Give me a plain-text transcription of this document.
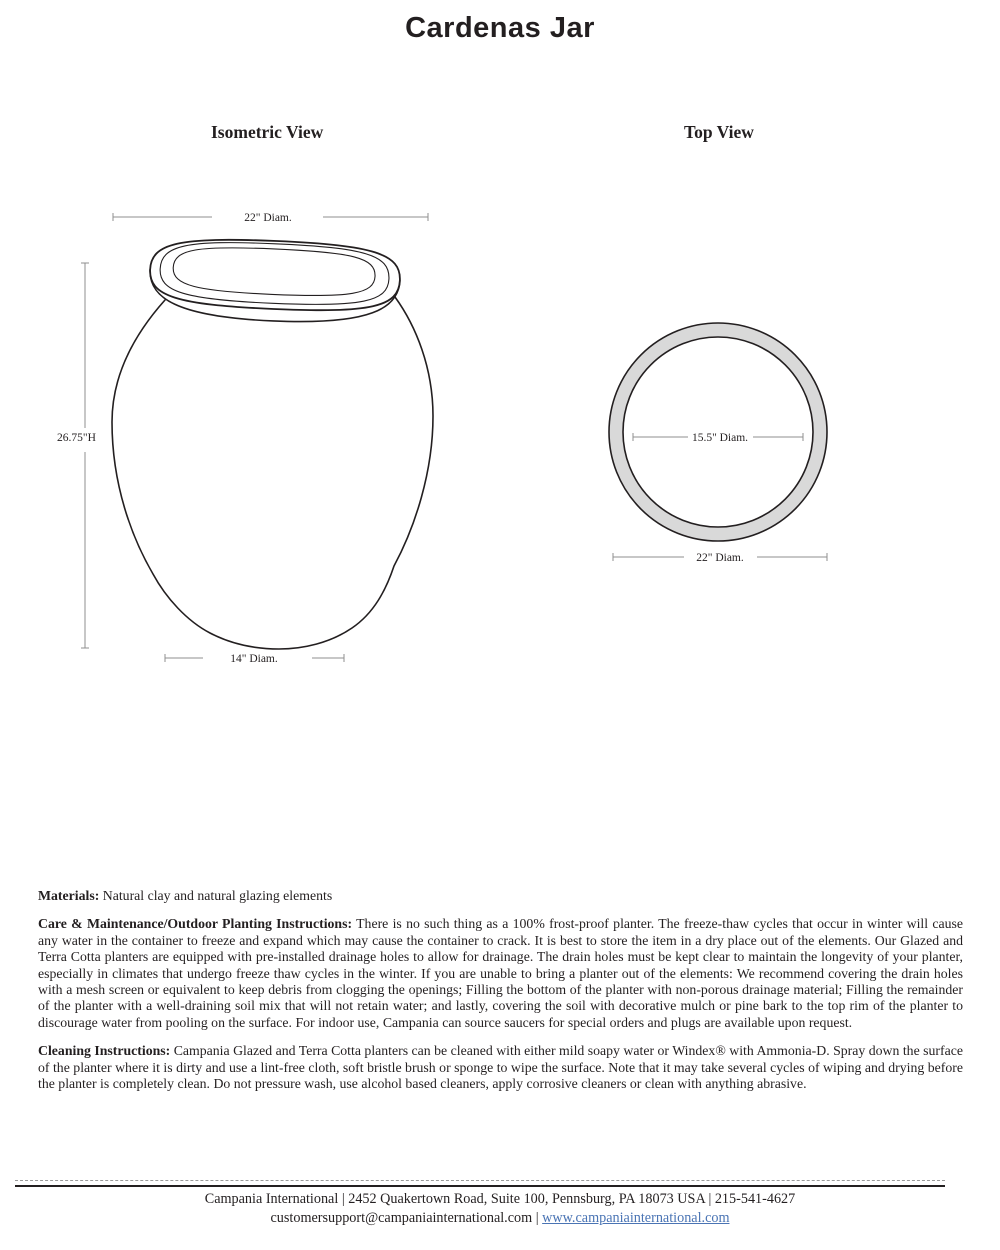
Cardenas Jar
Isometric View	Top View
22" Diam.
26.75"H
14" Diam.
15.5" Diam.
22" Diam.

Materials: Natural clay and natural glazing elements

Care & Maintenance/Outdoor Planting Instructions: There is no such thing as a 100% frost-proof planter. The freeze-thaw cycles that occur in winter will cause any water in the container to freeze and expand which may cause the container to crack. It is best to store the item in a dry place out of the elements. Our Glazed and Terra Cotta planters are equipped with pre-installed drainage holes to allow for drainage. The drain holes must be kept clear to maintain the longevity of your planter, especially in climates that undergo freeze thaw cycles in the winter. If you are unable to bring a planter out of the elements: We recommend covering the drain holes with a mesh screen or equivalent to keep debris from clogging the openings; Filling the bottom of the planter with non-porous drainage material; Filling the remainder of the planter with a well-draining soil mix that will not retain water; and lastly, covering the soil with decorative mulch or pine bark to the top rim of the planter to discourage water from pooling on the surface. For indoor use, Campania can source saucers for special orders and plugs are available upon request.

Cleaning Instructions: Campania Glazed and Terra Cotta planters can be cleaned with either mild soapy water or Windex® with Ammonia-D. Spray down the surface of the planter where it is dirty and use a lint-free cloth, soft bristle brush or sponge to wipe the surface. Note that it may take several cycles of wiping and drying before the planter is completely clean. Do not pressure wash, use alcohol based cleaners, apply corrosive cleaners or clean with anything abrasive.

Campania International | 2452 Quakertown Road, Suite 100, Pennsburg, PA 18073 USA | 215-541-4627
customersupport@campaniainternational.com | www.campaniainternational.com
